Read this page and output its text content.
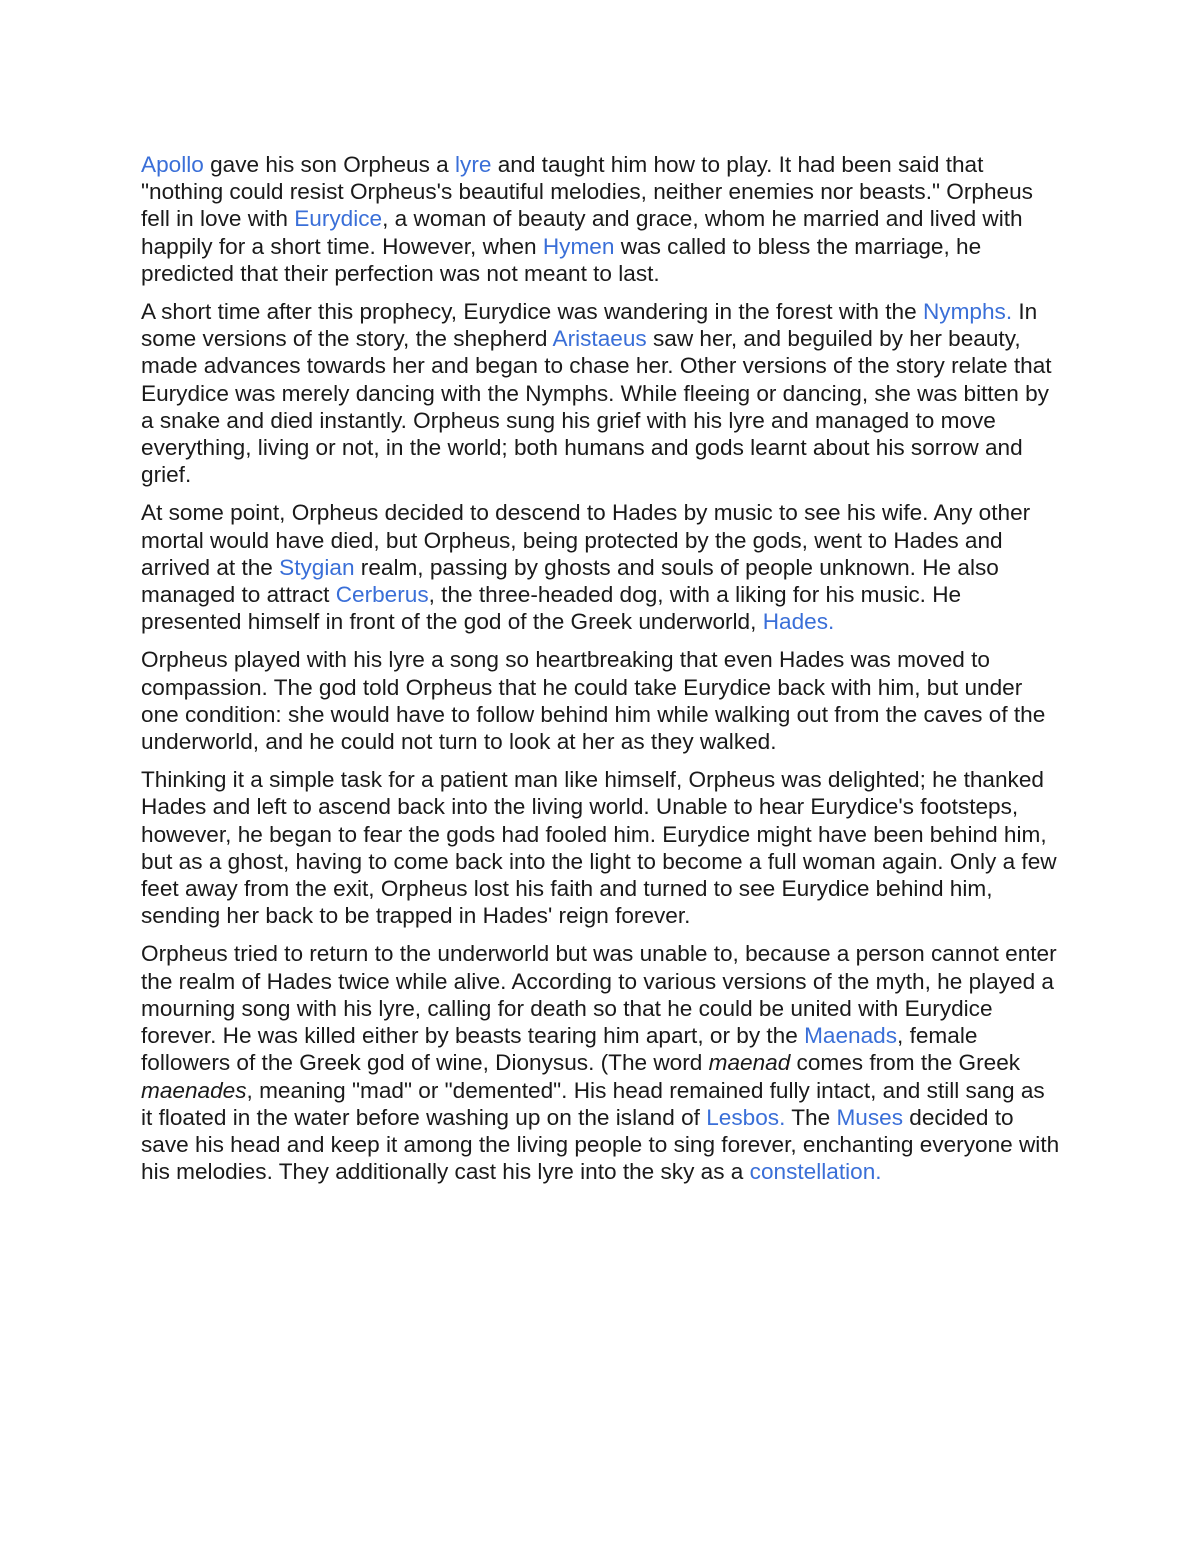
Apollo gave his son Orpheus a lyre and taught him how to play. It had been said that "nothing could resist Orpheus's beautiful melodies, neither enemies nor beasts." Orpheus fell in love with Eurydice, a woman of beauty and grace, whom he married and lived with happily for a short time. However, when Hymen was called to bless the marriage, he predicted that their perfection was not meant to last.

A short time after this prophecy, Eurydice was wandering in the forest with the Nymphs. In some versions of the story, the shepherd Aristaeus saw her, and beguiled by her beauty, made advances towards her and began to chase her. Other versions of the story relate that Eurydice was merely dancing with the Nymphs. While fleeing or dancing, she was bitten by a snake and died instantly. Orpheus sung his grief with his lyre and managed to move everything, living or not, in the world; both humans and gods learnt about his sorrow and grief.

At some point, Orpheus decided to descend to Hades by music to see his wife. Any other mortal would have died, but Orpheus, being protected by the gods, went to Hades and arrived at the Stygian realm, passing by ghosts and souls of people unknown. He also managed to attract Cerberus, the three-headed dog, with a liking for his music. He presented himself in front of the god of the Greek underworld, Hades.

Orpheus played with his lyre a song so heartbreaking that even Hades was moved to compassion. The god told Orpheus that he could take Eurydice back with him, but under one condition: she would have to follow behind him while walking out from the caves of the underworld, and he could not turn to look at her as they walked.

Thinking it a simple task for a patient man like himself, Orpheus was delighted; he thanked Hades and left to ascend back into the living world. Unable to hear Eurydice's footsteps, however, he began to fear the gods had fooled him. Eurydice might have been behind him, but as a ghost, having to come back into the light to become a full woman again. Only a few feet away from the exit, Orpheus lost his faith and turned to see Eurydice behind him, sending her back to be trapped in Hades' reign forever.

Orpheus tried to return to the underworld but was unable to, because a person cannot enter the realm of Hades twice while alive. According to various versions of the myth, he played a mourning song with his lyre, calling for death so that he could be united with Eurydice forever. He was killed either by beasts tearing him apart, or by the Maenads, female followers of the Greek god of wine, Dionysus. (The word maenad comes from the Greek maenades, meaning "mad" or "demented". His head remained fully intact, and still sang as it floated in the water before washing up on the island of Lesbos. The Muses decided to save his head and keep it among the living people to sing forever, enchanting everyone with his melodies. They additionally cast his lyre into the sky as a constellation.
